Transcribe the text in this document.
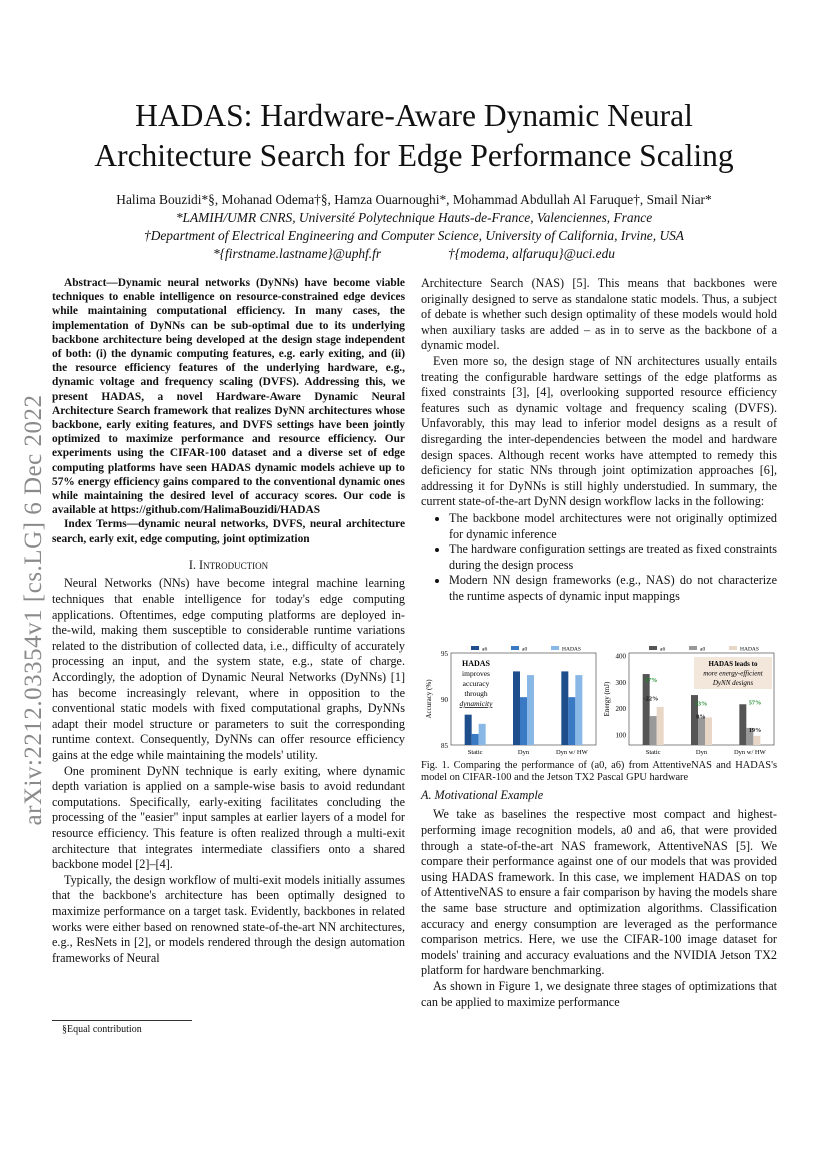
arXiv:2212.03354v1 [cs.LG] 6 Dec 2022
HADAS: Hardware-Aware Dynamic Neural
Architecture Search for Edge Performance Scaling
Halima Bouzidi*§, Mohanad Odema†§, Hamza Ouarnoughi*, Mohammad Abdullah Al Faruque†, Smail Niar*
*LAMIH/UMR CNRS, Université Polytechnique Hauts-de-France, Valenciennes, France
†Department of Electrical Engineering and Computer Science, University of California, Irvine, USA
*{firstname.lastname}@uphf.fr                    †{modema, alfaruqu}@uci.edu

Abstract—Dynamic neural networks (DyNNs) have become viable techniques to enable intelligence on resource-constrained edge devices while maintaining computational efficiency. In many cases, the implementation of DyNNs can be sub-optimal due to its underlying backbone architecture being developed at the design stage independent of both: (i) the dynamic computing features, e.g. early exiting, and (ii) the resource efficiency features of the underlying hardware, e.g., dynamic voltage and frequency scaling (DVFS). Addressing this, we present HADAS, a novel Hardware-Aware Dynamic Neural Architecture Search framework that realizes DyNN architectures whose backbone, early exiting features, and DVFS settings have been jointly optimized to maximize performance and resource efficiency. Our experiments using the CIFAR-100 dataset and a diverse set of edge computing platforms have seen HADAS dynamic models achieve up to 57% energy efficiency gains compared to the conventional dynamic ones while maintaining the desired level of accuracy scores. Our code is available at https://github.com/HalimaBouzidi/HADAS

Index Terms—dynamic neural networks, DVFS, neural architecture search, early exit, edge computing, joint optimization

I. Introduction

Neural Networks (NNs) have become integral machine learning techniques that enable intelligence for today's edge computing applications. Oftentimes, edge computing platforms are deployed in-the-wild, making them susceptible to considerable runtime variations related to the distribution of collected data, i.e., difficulty of accurately processing an input, and the system state, e.g., state of charge. Accordingly, the adoption of Dynamic Neural Networks (DyNNs) [1] has become increasingly relevant, where in opposition to the conventional static models with fixed computational graphs, DyNNs adapt their model structure or parameters to suit the corresponding runtime context. Consequently, DyNNs can offer resource efficiency gains at the edge while maintaining the models' utility.

One prominent DyNN technique is early exiting, where dynamic depth variation is applied on a sample-wise basis to avoid redundant computations. Specifically, early-exiting facilitates concluding the processing of the "easier" input samples at earlier layers of a model for resource efficiency. This feature is often realized through a multi-exit architecture that integrates intermediate classifiers onto a shared backbone model [2]–[4].

Typically, the design workflow of multi-exit models initially assumes that the backbone's architecture has been optimally designed to maximize performance on a target task. Evidently, backbones in related works were either based on renowned state-of-the-art NN architectures, e.g., ResNets in [2], or models rendered through the design automation frameworks of Neural

Architecture Search (NAS) [5]. This means that backbones were originally designed to serve as standalone static models. Thus, a subject of debate is whether such design optimality of these models would hold when auxiliary tasks are added – as in to serve as the backbone of a dynamic model.

Even more so, the design stage of NN architectures usually entails treating the configurable hardware settings of the edge platforms as fixed constraints [3], [4], overlooking supported resource efficiency features such as dynamic voltage and frequency scaling (DVFS). Unfavorably, this may lead to inferior model designs as a result of disregarding the inter-dependencies between the model and hardware design spaces. Although recent works have attempted to remedy this deficiency for static NNs through joint optimization approaches [6], addressing it for DyNNs is still highly understudied. In summary, the current state-of-the-art DyNN design workflow lacks in the following:

• The backbone model architectures were not originally optimized for dynamic inference
• The hardware configuration settings are treated as fixed constraints during the design process
• Modern NN design frameworks (e.g., NAS) do not characterize the runtime aspects of dynamic input mappings
85
90
95
Accuracy (%)
a6	a0	HADAS
Static	Dyn	Dyn w/ HW
HADAS
improves
accuracy
through
dynamicity
100
200
300
400
Energy (mJ)
a6	a0	HADAS
Static	Dyn	Dyn w/ HW
HADAS leads to
more energy-efficient
DyNN designs
37%
-22%
53%
0%
57%
19%
Fig. 1. Comparing the performance of (a0, a6) from AttentiveNAS and HADAS's model on CIFAR-100 and the Jetson TX2 Pascal GPU hardware
A. Motivational Example

We take as baselines the respective most compact and highest-performing image recognition models, a0 and a6, that were provided through a state-of-the-art NAS framework, AttentiveNAS [5]. We compare their performance against one of our models that was provided using HADAS framework. In this case, we implement HADAS on top of AttentiveNAS to ensure a fair comparison by having the models share the same base structure and optimization algorithms. Classification accuracy and energy consumption are leveraged as the performance comparison metrics. Here, we use the CIFAR-100 image dataset for models' training and accuracy evaluations and the NVIDIA Jetson TX2 platform for hardware benchmarking.

As shown in Figure 1, we designate three stages of optimizations that can be applied to maximize performance

§Equal contribution
